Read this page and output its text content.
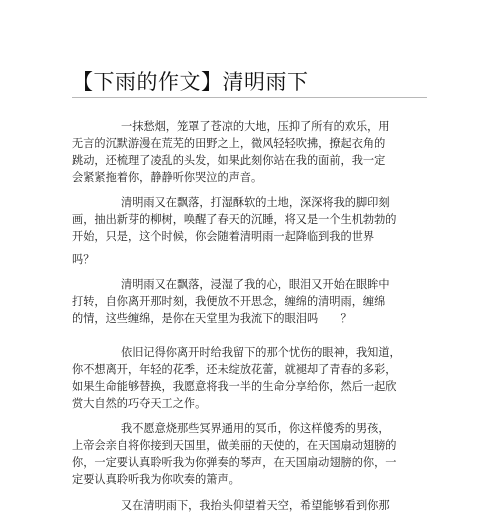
【下雨的作文】清明雨下
一抹愁烟，笼罩了苍凉的大地，压抑了所有的欢乐，用
无言的沉默游漫在荒芜的田野之上，微风轻轻吹拂，撩起衣角的
跳动，还梳理了凌乱的头发，如果此刻你站在我的面前，我一定
会紧紧拖着你，静静听你哭泣的声音。
清明雨又在飘落，打湿酥软的土地，深深将我的脚印刻
画，抽出新芽的柳树，唤醒了春天的沉睡，将又是一个生机勃勃的
开始，只是，这个时候，你会随着清明雨一起降临到我的世界
吗？
清明雨又在飘落，浸湿了我的心，眼泪又开始在眼眸中
打转，自你离开那时刻，我便放不开思念，缠绵的清明雨，缠绵
的情，这些缠绵，是你在天堂里为我流下的眼泪吗　　？
依旧记得你离开时给我留下的那个忧伤的眼神，我知道，
你不想离开，年轻的花季，还未绽放花蕾，就褪却了青春的多彩，
如果生命能够替换，我愿意将我一半的生命分享给你，然后一起欣
赏大自然的巧夺天工之作。
我不愿意烧那些冥界通用的冥币，你这样傻秀的男孩，
上帝会亲自将你接到天国里，做美丽的天使的，在天国扇动翅膀的
你，一定要认真聆听我为你弹奏的琴声，在天国扇动翅膀的你，一
定要认真聆听我为你吹奏的箫声。
又在清明雨下，我抬头仰望着天空，希望能够看到你那
